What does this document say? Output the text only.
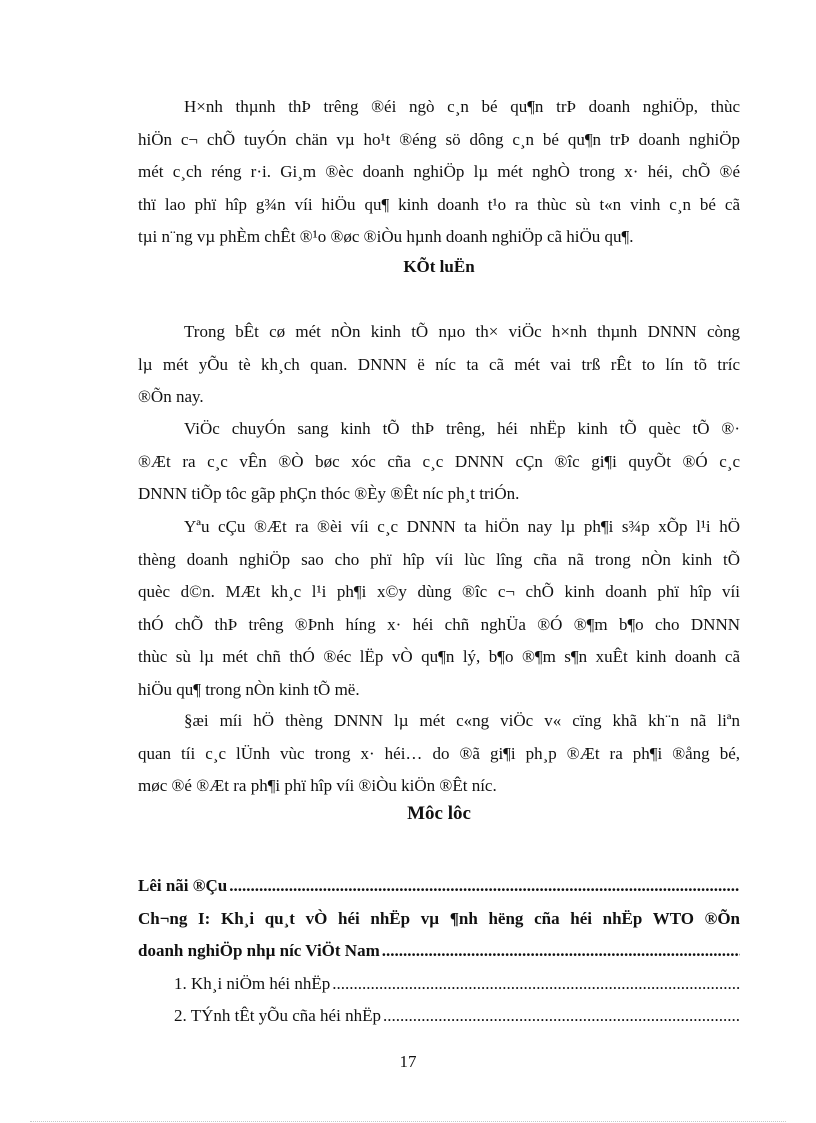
H×nh thµnh thÞ trêng ®éi ngò c¸n bé qu¶n trÞ doanh nghiÖp, thùc
hiÖn c¬ chÕ tuyÓn chän vµ ho¹t ®éng sö dông c¸n bé qu¶n trÞ doanh nghiÖp
mét c¸ch réng r·i. Gi¸m ®èc doanh nghiÖp lµ mét nghÒ trong x· héi, chÕ ®é
thï lao phï hîp g¾n víi hiÖu qu¶ kinh doanh t¹o ra thùc sù t«n vinh c¸n bé cã
tµi n¨ng vµ phÈm chÊt ®¹o ®øc ®iÒu hµnh doanh nghiÖp cã hiÖu qu¶.
KÕt luËn
Trong bÊt cø mét nÒn kinh tÕ nµo th× viÖc h×nh thµnh DNNN còng
lµ mét yÕu tè kh¸ch quan. DNNN ë níc ta cã mét vai trß rÊt to lín tõ tríc
®Õn nay.
ViÖc chuyÓn sang kinh tÕ thÞ trêng, héi nhËp kinh tÕ quèc tÕ ®·
®Æt ra c¸c vÊn ®Ò bøc xóc cña c¸c DNNN cÇn ®îc gi¶i quyÕt ®Ó c¸c
DNNN tiÕp tôc gãp phÇn thóc ®Èy ®Êt níc ph¸t triÓn.
Yªu cÇu ®Æt ra ®èi víi c¸c DNNN ta hiÖn nay lµ ph¶i s¾p xÕp l¹i hÖ
thèng doanh nghiÖp sao cho phï hîp víi lùc lîng cña nã trong nÒn kinh tÕ
quèc d©n. MÆt kh¸c l¹i ph¶i x©y dùng ®îc c¬ chÕ kinh doanh phï hîp víi
thÓ chÕ thÞ trêng ®Þnh híng x· héi chñ nghÜa ®Ó ®¶m b¶o cho DNNN
thùc sù lµ mét chñ thÓ ®éc lËp vÒ qu¶n lý, b¶o ®¶m s¶n xuÊt kinh doanh cã
hiÖu qu¶ trong nÒn kinh tÕ më.
§æi míi hÖ thèng DNNN lµ mét c«ng viÖc v« cïng khã kh¨n nã liªn
quan tíi c¸c lÜnh vùc trong x· héi… do ®ã gi¶i ph¸p ®Æt ra ph¶i ®ång bé,
møc ®é ®Æt ra ph¶i phï hîp víi ®iÒu kiÖn ®Êt níc.
Môc lôc
Lêi nãi ®Çu
.....
Ch¬ng I: Kh¸i qu¸t vÒ héi nhËp vµ ¶nh hëng cña héi nhËp WTO ®Õn
doanh nghiÖp nhµ níc ViÖt Nam
.....
1. Kh¸i niÖm héi nhËp
.....
2. TÝnh tÊt yÕu cña héi nhËp
.....
17
